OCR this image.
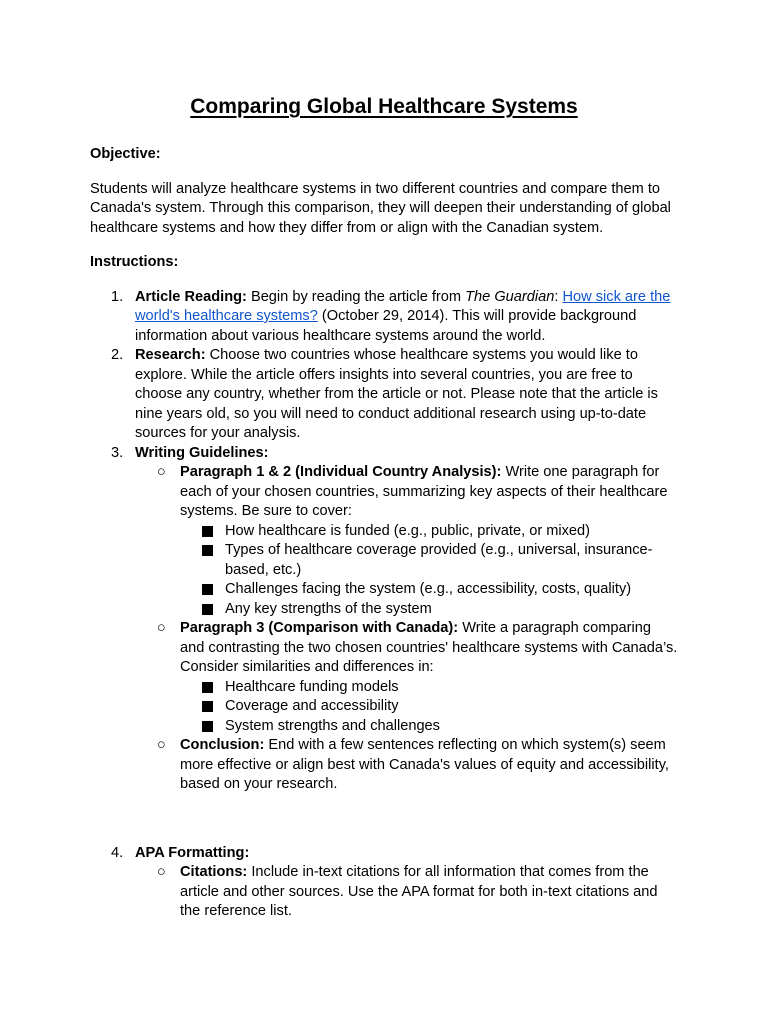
Comparing Global Healthcare Systems

Objective:

Students will analyze healthcare systems in two different countries and compare them to Canada's system. Through this comparison, they will deepen their understanding of global healthcare systems and how they differ from or align with the Canadian system.

Instructions:

1. Article Reading: Begin by reading the article from The Guardian: How sick are the world's healthcare systems? (October 29, 2014). This will provide background information about various healthcare systems around the world.
2. Research: Choose two countries whose healthcare systems you would like to explore. While the article offers insights into several countries, you are free to choose any country, whether from the article or not. Please note that the article is nine years old, so you will need to conduct additional research using up-to-date sources for your analysis.
3. Writing Guidelines:
○ Paragraph 1 & 2 (Individual Country Analysis): Write one paragraph for each of your chosen countries, summarizing key aspects of their healthcare systems. Be sure to cover:
How healthcare is funded (e.g., public, private, or mixed)
Types of healthcare coverage provided (e.g., universal, insurance-based, etc.)
Challenges facing the system (e.g., accessibility, costs, quality)
Any key strengths of the system
○ Paragraph 3 (Comparison with Canada): Write a paragraph comparing and contrasting the two chosen countries' healthcare systems with Canada’s. Consider similarities and differences in:
Healthcare funding models
Coverage and accessibility
System strengths and challenges
○ Conclusion: End with a few sentences reflecting on which system(s) seem more effective or align best with Canada's values of equity and accessibility, based on your research.
4. APA Formatting:
○ Citations: Include in-text citations for all information that comes from the article and other sources. Use the APA format for both in-text citations and the reference list.
